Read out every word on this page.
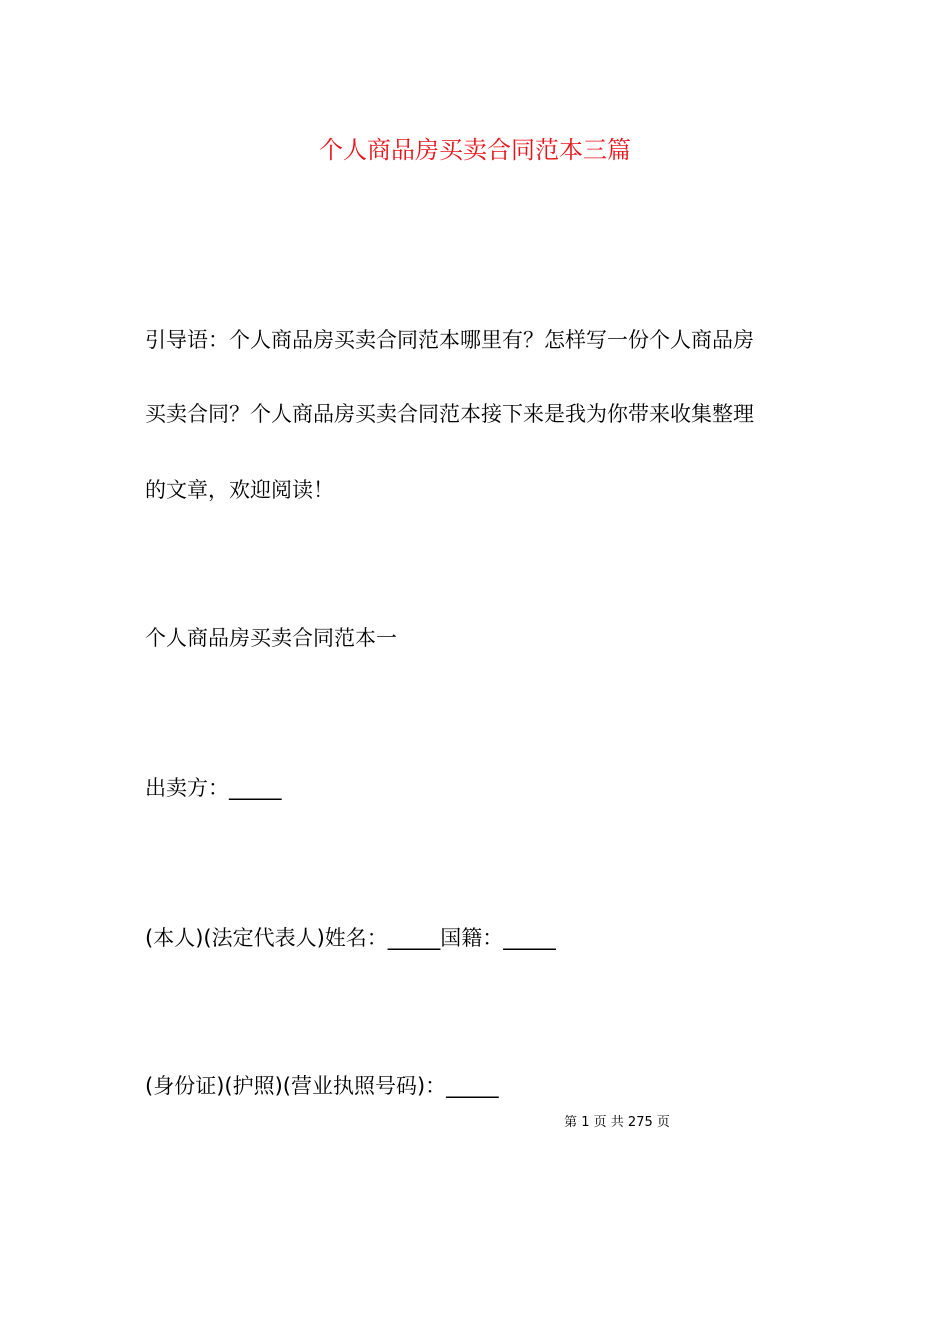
个人商品房买卖合同范本三篇
引导语：个人商品房买卖合同范本哪里有？怎样写一份个人商品房
买卖合同？个人商品房买卖合同范本接下来是我为你带来收集整理
的文章，欢迎阅读！
个人商品房买卖合同范本一
出卖方：_____
(本人)(法定代表人)姓名：_____国籍：_____
(身份证)(护照)(营业执照号码)：_____
第 1 页 共 275 页
